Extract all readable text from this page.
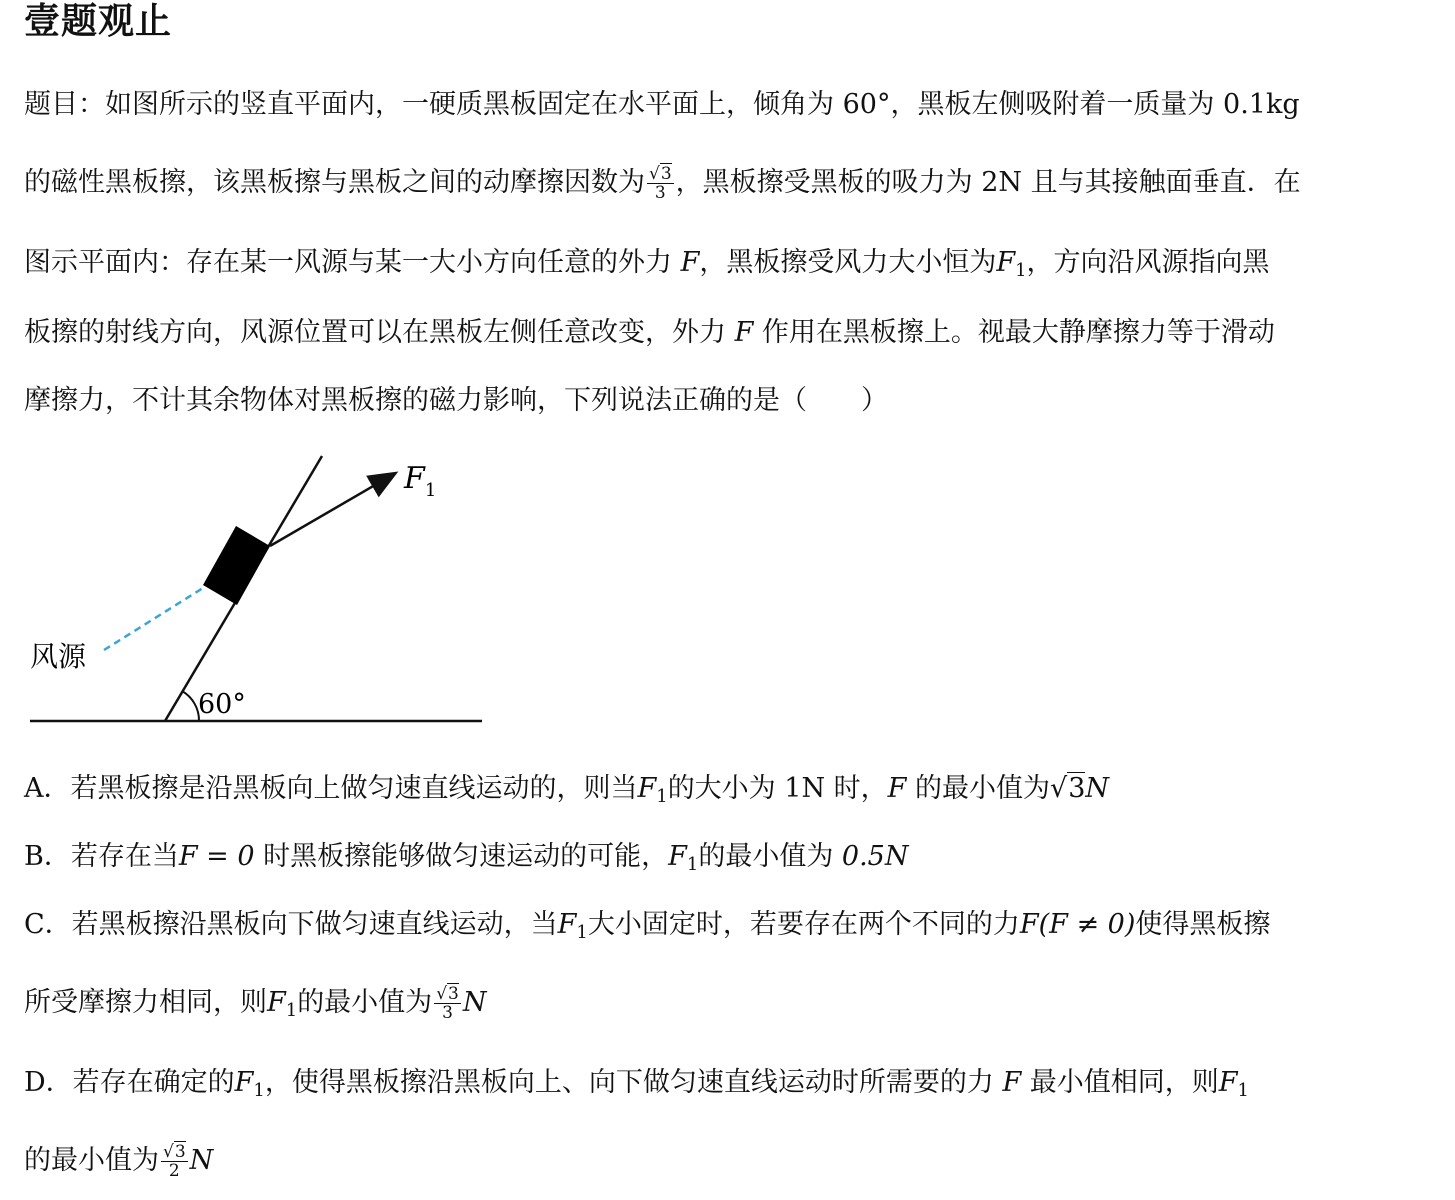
壹题观止
题目：如图所示的竖直平面内，一硬质黑板固定在水平面上，倾角为 60°，黑板左侧吸附着一质量为 0.1kg
的磁性黑板擦，该黑板擦与黑板之间的动摩擦因数为 $\frac{√3}{3}$ ，黑板擦受黑板的吸力为 2N 且与其接触面垂直．在
图示平面内：存在某一风源与某一大小方向任意的外力 F，黑板擦受风力大小恒为$F_1$，方向沿风源指向黑
板擦的射线方向，风源位置可以在黑板左侧任意改变，外力 F 作用在黑板擦上。视最大静摩擦力等于滑动
摩擦力，不计其余物体对黑板擦的磁力影响，下列说法正确的是（　　）
$F_1$
风源
60°
A．若黑板擦是沿黑板向上做匀速直线运动的，则当$F_1$的大小为 1N 时，F 的最小值为√3N
B．若存在当F = 0 时黑板擦能够做匀速运动的可能，$F_1$的最小值为 0.5N
C．若黑板擦沿黑板向下做匀速直线运动，当$F_1$大小固定时，若要存在两个不同的力F(F ≠ 0)使得黑板擦
所受摩擦力相同，则$F_1$的最小值为 $\frac{√3}{3}$ N
D．若存在确定的$F_1$，使得黑板擦沿黑板向上、向下做匀速直线运动时所需要的力 F 最小值相同，则$F_1$
的最小值为 $\frac{√3}{2}$ N
